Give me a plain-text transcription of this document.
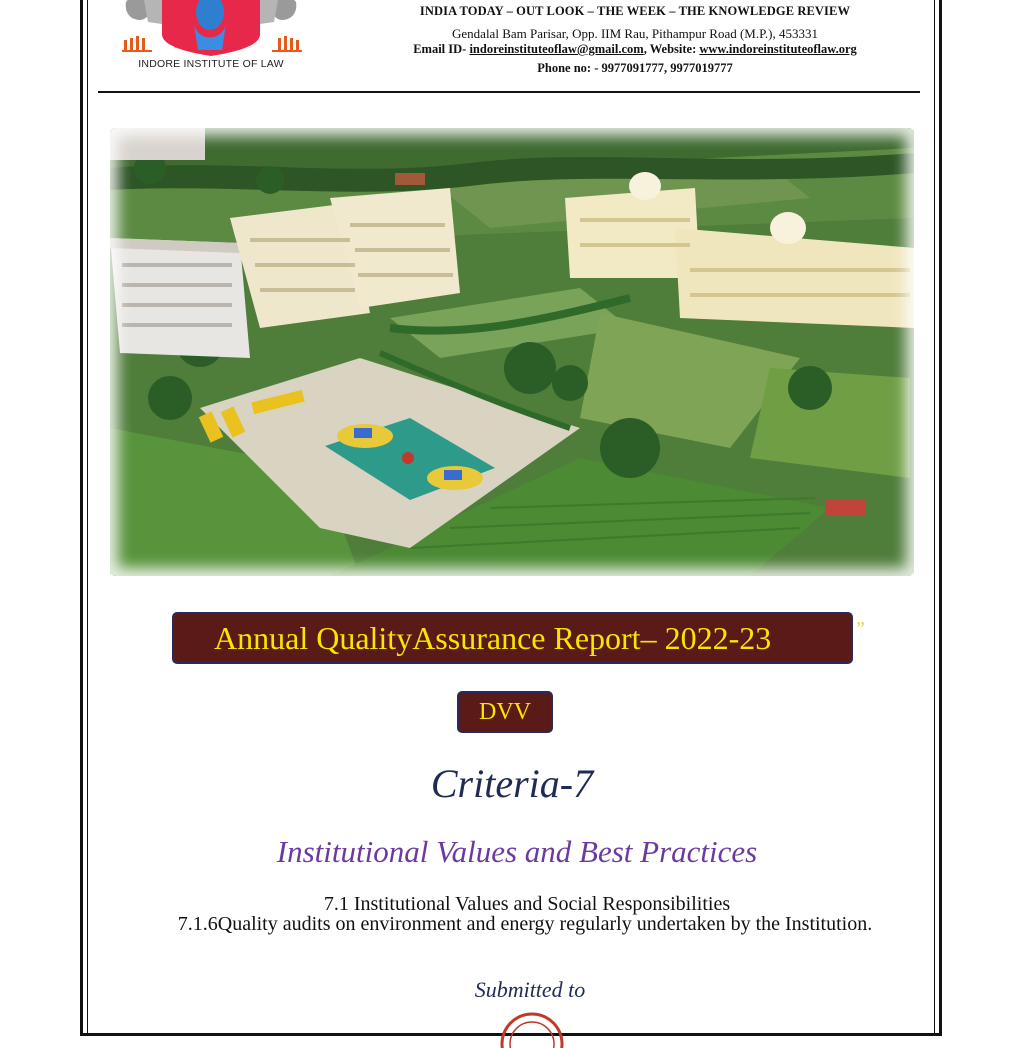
INDORE INSTITUTE OF LAW
INDIA TODAY – OUT LOOK – THE WEEK – THE KNOWLEDGE REVIEW
Gendalal Bam Parisar, Opp. IIM Rau, Pithampur Road (M.P.), 453331
Email ID- indoreinstituteoflaw@gmail.com, Website: www.indoreinstituteoflaw.org
Phone no: - 9977091777, 9977019777
Annual QualityAssurance Report– 2022-23	”
DVV
Criteria-7
Institutional Values and Best Practices
7.1 Institutional Values and Social Responsibilities
7.1.6Quality audits on environment and energy regularly undertaken by the Institution.
Submitted to
